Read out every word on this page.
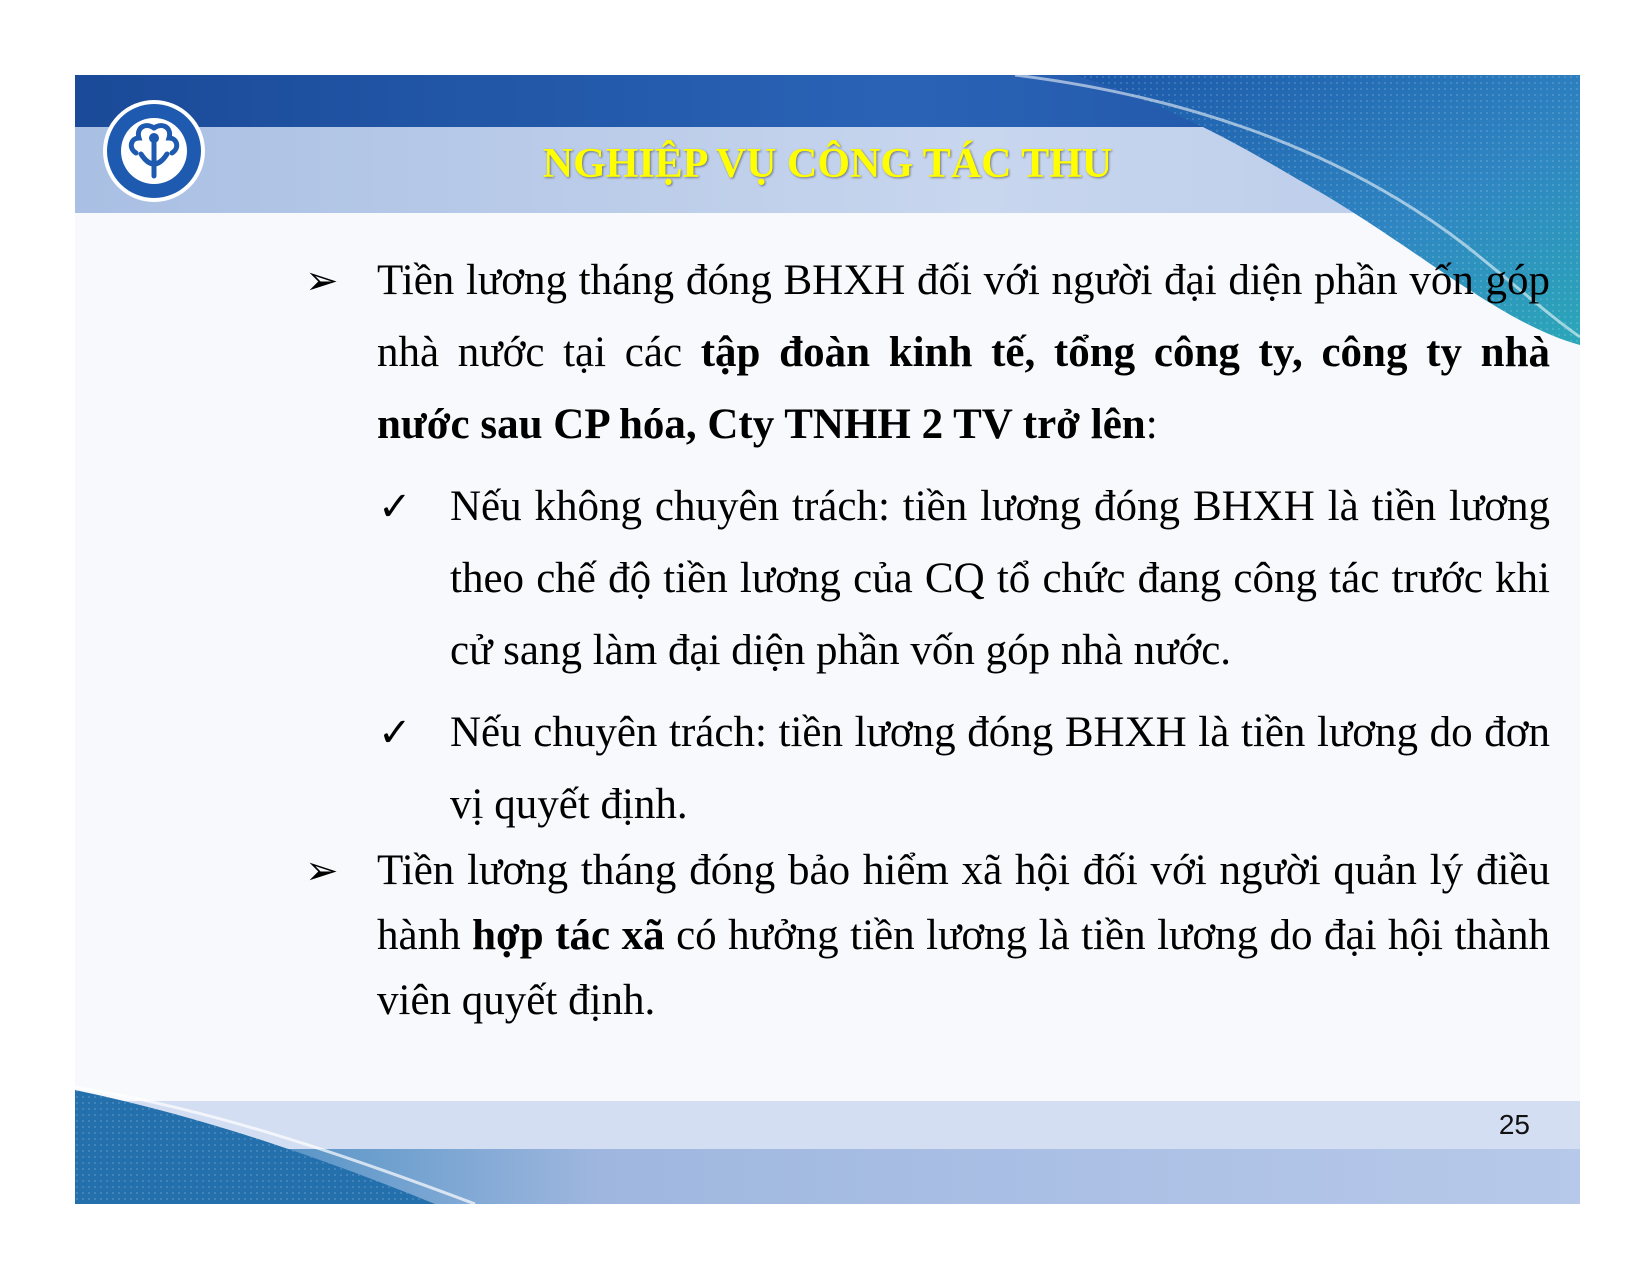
NGHIỆP VỤ CÔNG TÁC THU
➢ Tiền lương tháng đóng BHXH đối với người đại diện phần vốn góp nhà nước tại các tập đoàn kinh tế, tổng công ty, công ty nhà nước sau CP hóa, Cty TNHH 2 TV trở lên:
✓ Nếu không chuyên trách: tiền lương đóng BHXH là tiền lương theo chế độ tiền lương của CQ tổ chức đang công tác trước khi cử sang làm đại diện phần vốn góp nhà nước.
✓ Nếu chuyên trách: tiền lương đóng BHXH là tiền lương do đơn vị quyết định.
➢ Tiền lương tháng đóng bảo hiểm xã hội đối với người quản lý điều hành hợp tác xã có hưởng tiền lương là tiền lương do đại hội thành viên quyết định.
25
